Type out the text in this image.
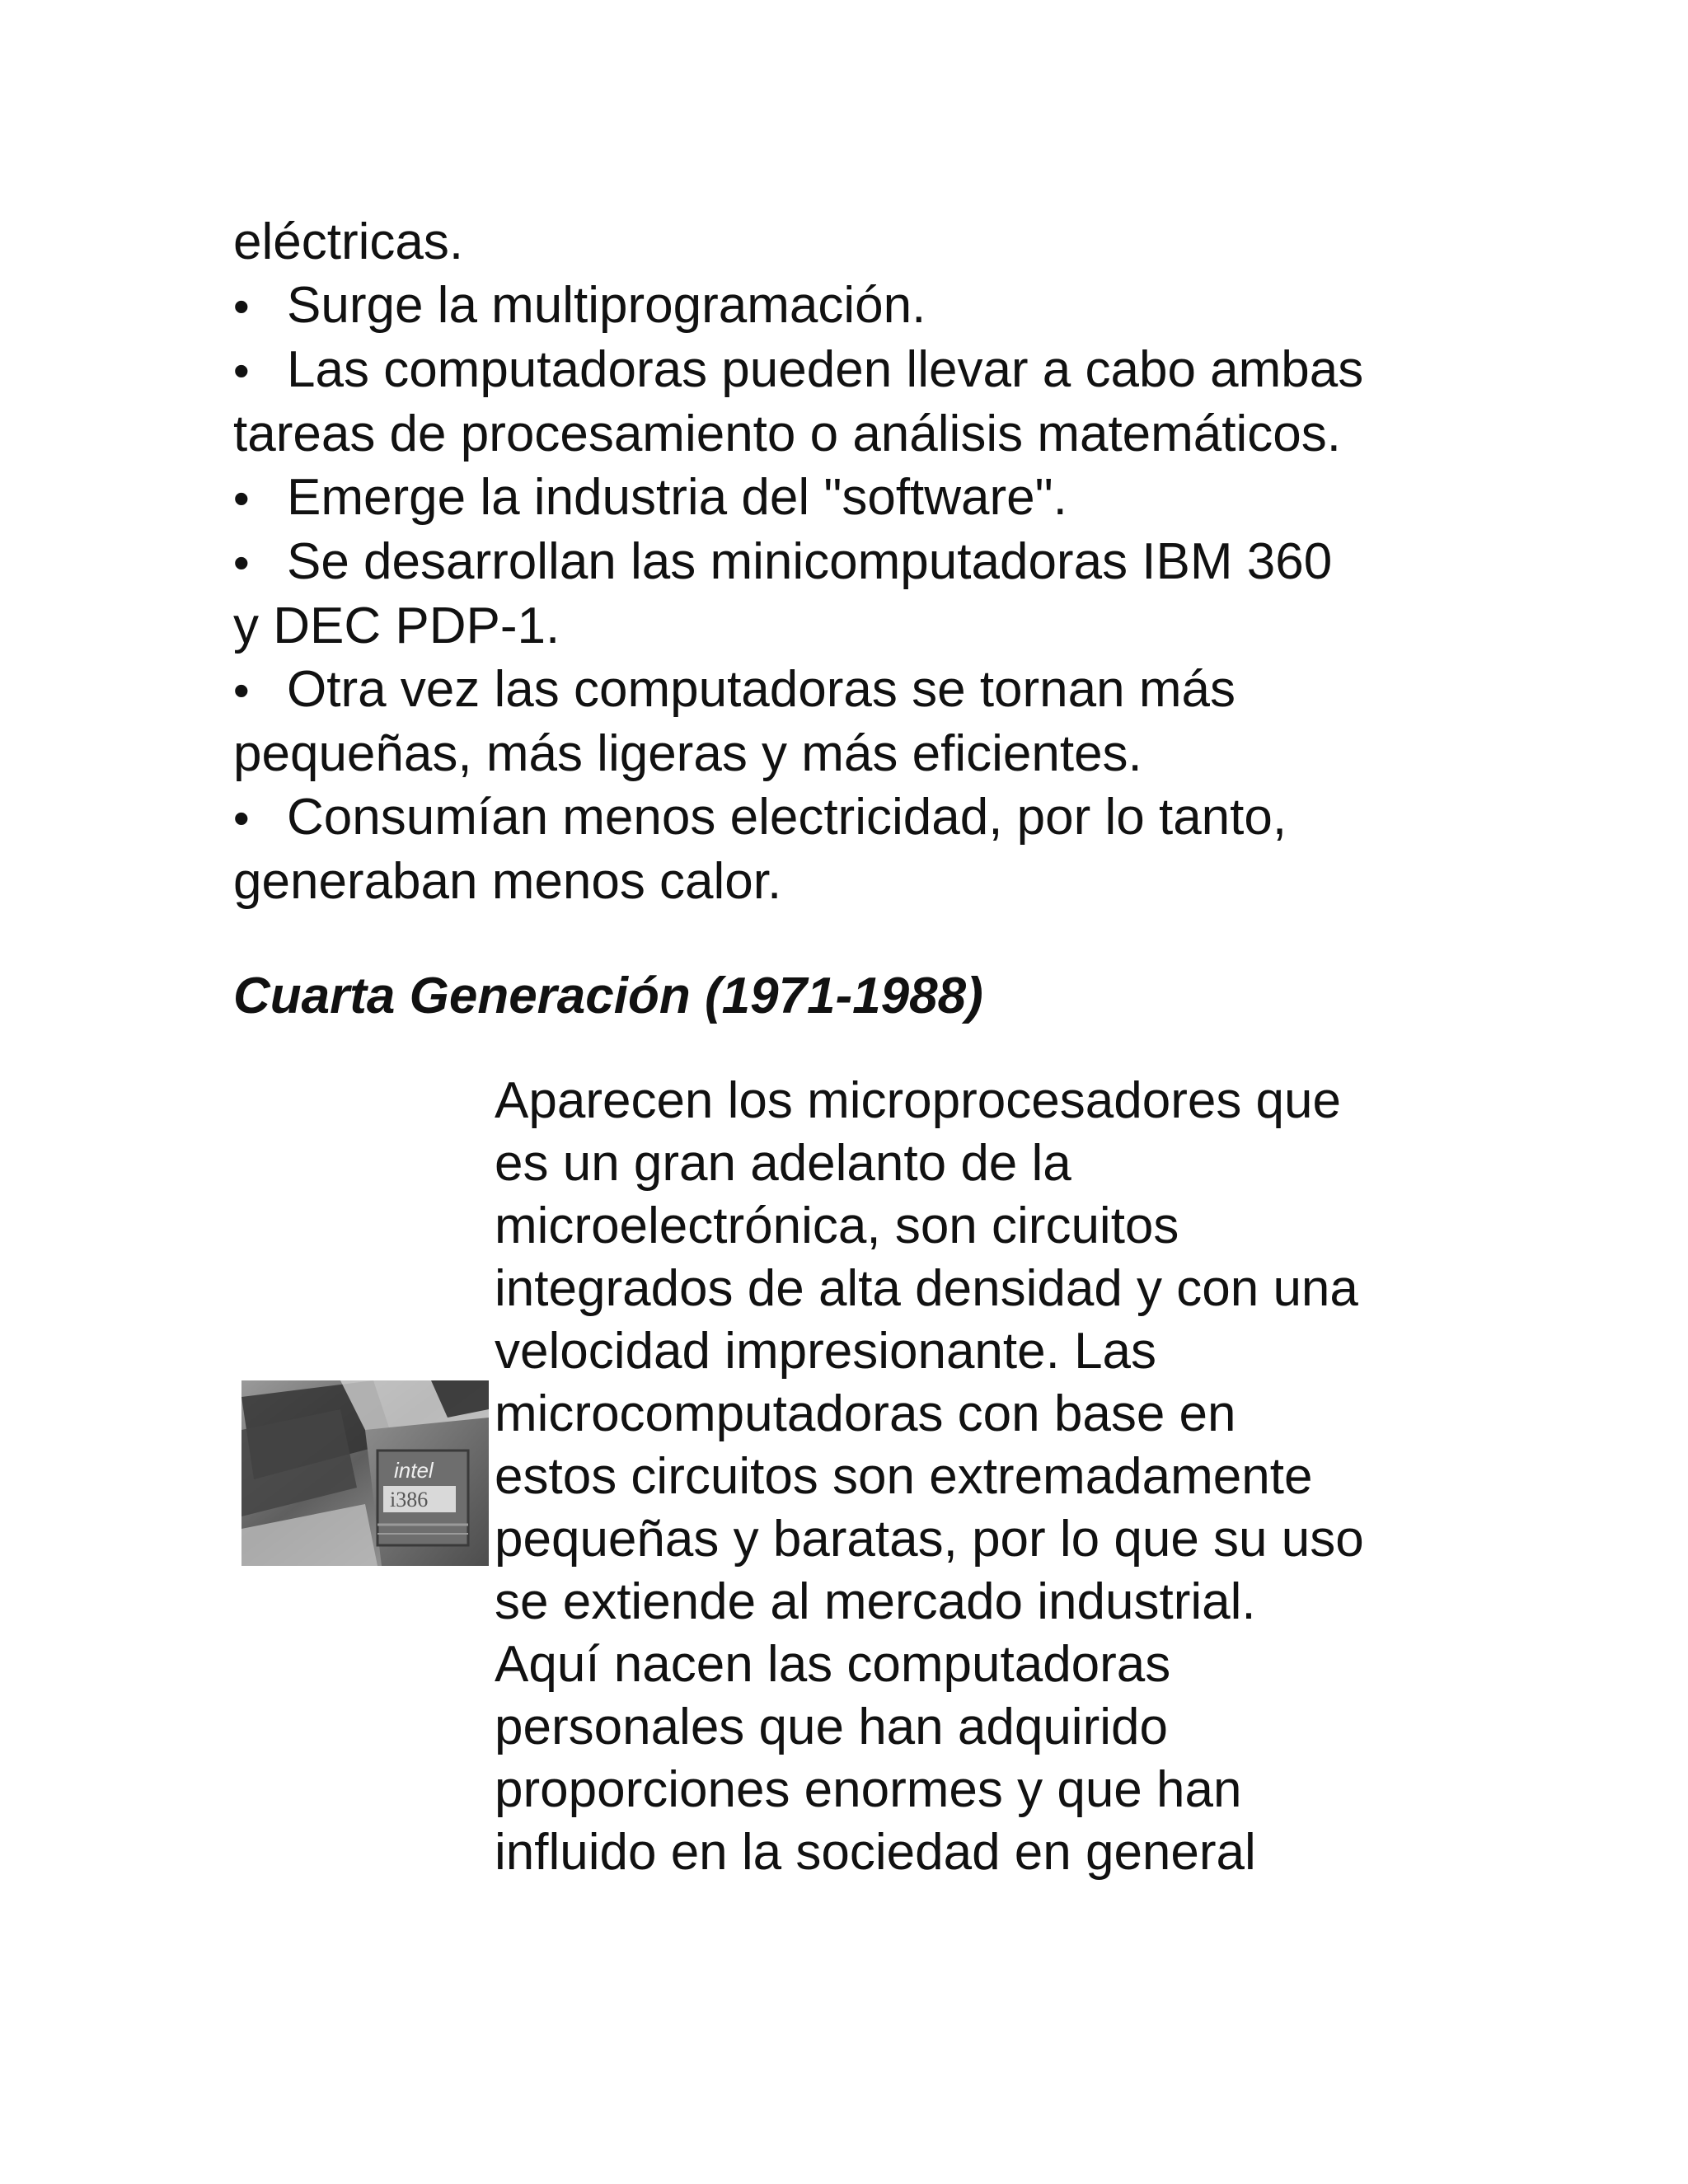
eléctricas.

• Surge la multiprogramación.

• Las computadoras pueden llevar a cabo ambas

tareas de procesamiento o análisis matemáticos.

• Emerge la industria del "software".

• Se desarrollan las minicomputadoras IBM 360

y DEC PDP-1.

• Otra vez las computadoras se tornan más

pequeñas, más ligeras y más eficientes.

• Consumían menos electricidad, por lo tanto,

generaban menos calor.

Cuarta Generación (1971-1988)
intel
i386

Aparecen los microprocesadores que

es un gran adelanto de la

microelectrónica, son circuitos

integrados de alta densidad y con una

velocidad impresionante. Las

microcomputadoras con base en

estos circuitos son extremadamente

pequeñas y baratas, por lo que su uso

se extiende al mercado industrial.

Aquí nacen las computadoras

personales que han adquirido

proporciones enormes y que han

influido en la sociedad en general
